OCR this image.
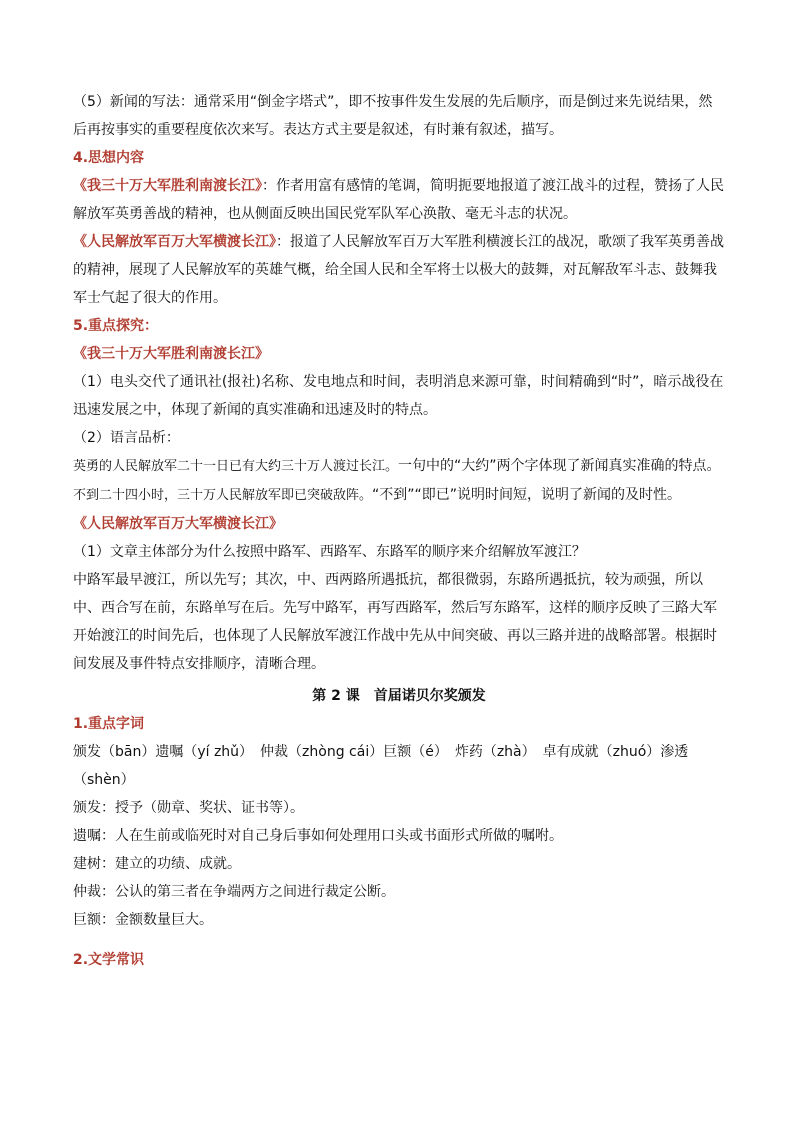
（5）新闻的写法：通常采用“倒金字塔式”，即不按事件发生发展的先后顺序，而是倒过来先说结果，然后再按事实的重要程度依次来写。表达方式主要是叙述，有时兼有叙述，描写。

4.思想内容

《我三十万大军胜利南渡长江》：作者用富有感情的笔调，简明扼要地报道了渡江战斗的过程，赞扬了人民解放军英勇善战的精神，也从侧面反映出国民党军队军心涣散、毫无斗志的状况。

《人民解放军百万大军横渡长江》：报道了人民解放军百万大军胜利横渡长江的战况，歌颂了我军英勇善战的精神，展现了人民解放军的英雄气概，给全国人民和全军将士以极大的鼓舞，对瓦解敌军斗志、鼓舞我军士气起了很大的作用。

5.重点探究：

《我三十万大军胜利南渡长江》

（1）电头交代了通讯社(报社)名称、发电地点和时间，表明消息来源可靠，时间精确到“时”，暗示战役在迅速发展之中，体现了新闻的真实准确和迅速及时的特点。

（2）语言品析：

英勇的人民解放军二十一日已有大约三十万人渡过长江。一句中的“大约”两个字体现了新闻真实准确的特点。

不到二十四小时，三十万人民解放军即已突破敌阵。“不到”“即已”说明时间短，说明了新闻的及时性。

《人民解放军百万大军横渡长江》

（1）文章主体部分为什么按照中路军、西路军、东路军的顺序来介绍解放军渡江？

中路军最早渡江，所以先写；其次，中、西两路所遇抵抗，都很微弱，东路所遇抵抗，较为顽强，所以中、西合写在前，东路单写在后。先写中路军，再写西路军，然后写东路军，这样的顺序反映了三路大军开始渡江的时间先后，也体现了人民解放军渡江作战中先从中间突破、再以三路并进的战略部署。根据时间发展及事件特点安排顺序，清晰合理。

第 2 课　首届诺贝尔奖颁发

1.重点字词

颁发（bān）遗嘱（yí zhǔ）　仲裁（zhòng cái）巨额（é）　炸药（zhà）　卓有成就（zhuó）渗透（shèn）

颁发：授予（勋章、奖状、证书等）。

遗嘱：人在生前或临死时对自己身后事如何处理用口头或书面形式所做的嘱咐。

建树：建立的功绩、成就。

仲裁：公认的第三者在争端两方之间进行裁定公断。

巨额：金额数量巨大。

2.文学常识
